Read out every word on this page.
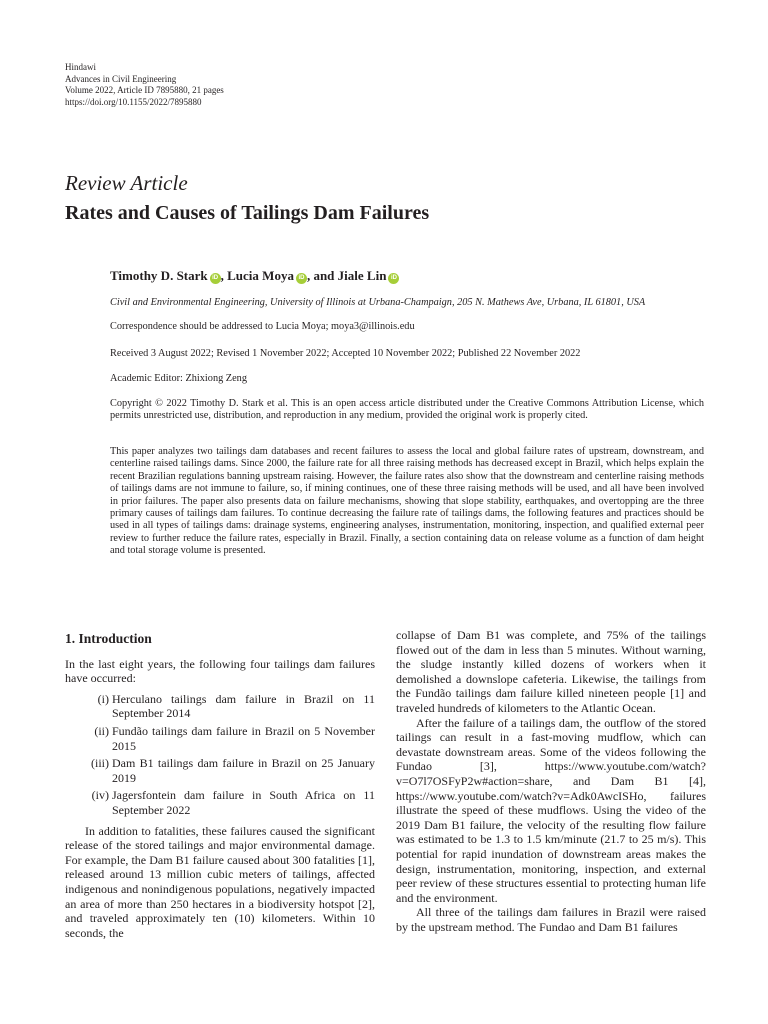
Hindawi
Advances in Civil Engineering
Volume 2022, Article ID 7895880, 21 pages
https://doi.org/10.1155/2022/7895880
Review Article
Rates and Causes of Tailings Dam Failures
Timothy D. Stark iD , Lucia Moya iD , and Jiale Lin iD
Civil and Environmental Engineering, University of Illinois at Urbana-Champaign, 205 N. Mathews Ave, Urbana, IL 61801, USA
Correspondence should be addressed to Lucia Moya; moya3@illinois.edu
Received 3 August 2022; Revised 1 November 2022; Accepted 10 November 2022; Published 22 November 2022
Academic Editor: Zhixiong Zeng
Copyright © 2022 Timothy D. Stark et al. This is an open access article distributed under the Creative Commons Attribution License, which permits unrestricted use, distribution, and reproduction in any medium, provided the original work is properly cited.
This paper analyzes two tailings dam databases and recent failures to assess the local and global failure rates of upstream, downstream, and centerline raised tailings dams. Since 2000, the failure rate for all three raising methods has decreased except in Brazil, which helps explain the recent Brazilian regulations banning upstream raising. However, the failure rates also show that the downstream and centerline raising methods of tailings dams are not immune to failure, so, if mining continues, one of these three raising methods will be used, and all have been involved in prior failures. The paper also presents data on failure mechanisms, showing that slope stability, earthquakes, and overtopping are the three primary causes of tailings dam failures. To continue decreasing the failure rate of tailings dams, the following features and practices should be used in all types of tailings dams: drainage systems, engineering analyses, instrumentation, monitoring, inspection, and qualified external peer review to further reduce the failure rates, especially in Brazil. Finally, a section containing data on release volume as a function of dam height and total storage volume is presented.
1. Introduction

In the last eight years, the following four tailings dam failures have occurred:

(i) Herculano tailings dam failure in Brazil on 11 September 2014
(ii) Fundão tailings dam failure in Brazil on 5 November 2015
(iii) Dam B1 tailings dam failure in Brazil on 25 January 2019
(iv) Jagersfontein dam failure in South Africa on 11 September 2022

In addition to fatalities, these failures caused the significant release of the stored tailings and major environmental damage. For example, the Dam B1 failure caused about 300 fatalities [1], released around 13 million cubic meters of tailings, affected indigenous and nonindigenous populations, negatively impacted an area of more than 250 hectares in a biodiversity hotspot [2], and traveled approximately ten (10) kilometers. Within 10 seconds, the

collapse of Dam B1 was complete, and 75% of the tailings flowed out of the dam in less than 5 minutes. Without warning, the sludge instantly killed dozens of workers when it demolished a downslope cafeteria. Likewise, the tailings from the Fundão tailings dam failure killed nineteen people [1] and traveled hundreds of kilometers to the Atlantic Ocean.

After the failure of a tailings dam, the outflow of the stored tailings can result in a fast-moving mudflow, which can devastate downstream areas. Some of the videos following the Fundao [3], https://www.youtube.com/watch?v=O7l7OSFyP2w#action=share, and Dam B1 [4], https://www.youtube.com/watch?v=Adk0AwcISHo, failures illustrate the speed of these mudflows. Using the video of the 2019 Dam B1 failure, the velocity of the resulting flow failure was estimated to be 1.3 to 1.5 km/minute (21.7 to 25 m/s). This potential for rapid inundation of downstream areas makes the design, instrumentation, monitoring, inspection, and external peer review of these structures essential to protecting human life and the environment.

All three of the tailings dam failures in Brazil were raised by the upstream method. The Fundao and Dam B1 failures
